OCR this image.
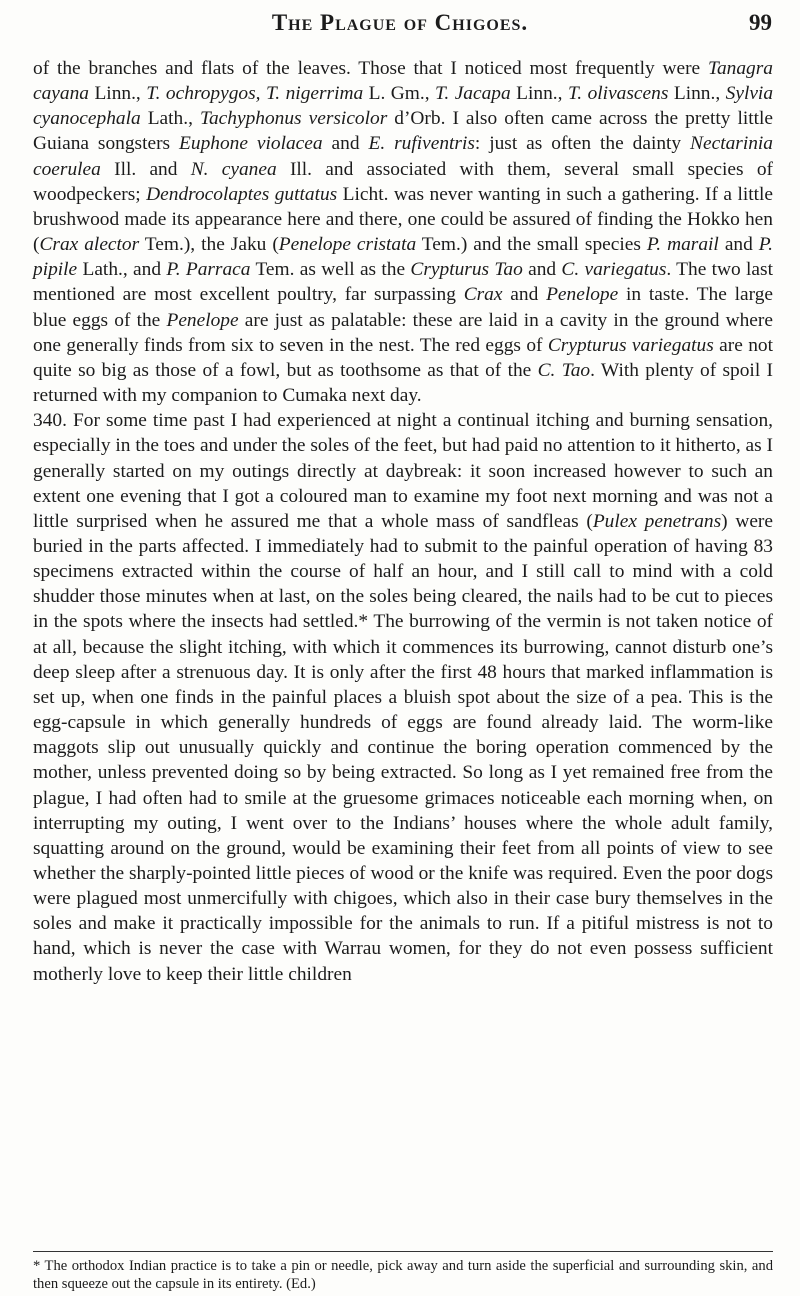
The Plague of Chigoes.	99

of the branches and flats of the leaves. Those that I noticed most frequently were Tanagra cayana Linn., T. ochropygos, T. nigerrima L. Gm., T. Jacapa Linn., T. olivascens Linn., Sylvia cyanocephala Lath., Tachyphonus versicolor d’Orb. I also often came across the pretty little Guiana songsters Euphone violacea and E. rufiventris: just as often the dainty Nectarinia coerulea Ill. and N. cyanea Ill. and associated with them, several small species of woodpeckers; Dendrocolaptes guttatus Licht. was never wanting in such a gathering. If a little brushwood made its appearance here and there, one could be assured of finding the Hokko hen (Crax alector Tem.), the Jaku (Penelope cristata Tem.) and the small species P. marail and P. pipile Lath., and P. Parraca Tem. as well as the Crypturus Tao and C. variegatus. The two last mentioned are most excellent poultry, far surpassing Crax and Penelope in taste. The large blue eggs of the Penelope are just as palatable: these are laid in a cavity in the ground where one generally finds from six to seven in the nest. The red eggs of Crypturus variegatus are not quite so big as those of a fowl, but as toothsome as that of the C. Tao. With plenty of spoil I returned with my companion to Cumaka next day.

340. For some time past I had experienced at night a continual itching and burning sensation, especially in the toes and under the soles of the feet, but had paid no attention to it hitherto, as I generally started on my outings directly at daybreak: it soon increased however to such an extent one evening that I got a coloured man to examine my foot next morning and was not a little surprised when he assured me that a whole mass of sandfleas (Pulex penetrans) were buried in the parts affected. I immediately had to submit to the painful operation of having 83 specimens extracted within the course of half an hour, and I still call to mind with a cold shudder those minutes when at last, on the soles being cleared, the nails had to be cut to pieces in the spots where the insects had settled.* The burrowing of the vermin is not taken notice of at all, because the slight itching, with which it commences its burrowing, cannot disturb one’s deep sleep after a strenuous day. It is only after the first 48 hours that marked inflammation is set up, when one finds in the painful places a bluish spot about the size of a pea. This is the egg-capsule in which generally hundreds of eggs are found already laid. The worm-like maggots slip out unusually quickly and continue the boring operation commenced by the mother, unless prevented doing so by being extracted. So long as I yet remained free from the plague, I had often had to smile at the gruesome grimaces noticeable each morning when, on interrupting my outing, I went over to the Indians’ houses where the whole adult family, squatting around on the ground, would be examining their feet from all points of view to see whether the sharply-pointed little pieces of wood or the knife was required. Even the poor dogs were plagued most unmercifully with chigoes, which also in their case bury themselves in the soles and make it practically impossible for the animals to run. If a pitiful mistress is not to hand, which is never the case with Warrau women, for they do not even possess sufficient motherly love to keep their little children

* The orthodox Indian practice is to take a pin or needle, pick away and turn aside the superficial and surrounding skin, and then squeeze out the capsule in its entirety. (Ed.)
